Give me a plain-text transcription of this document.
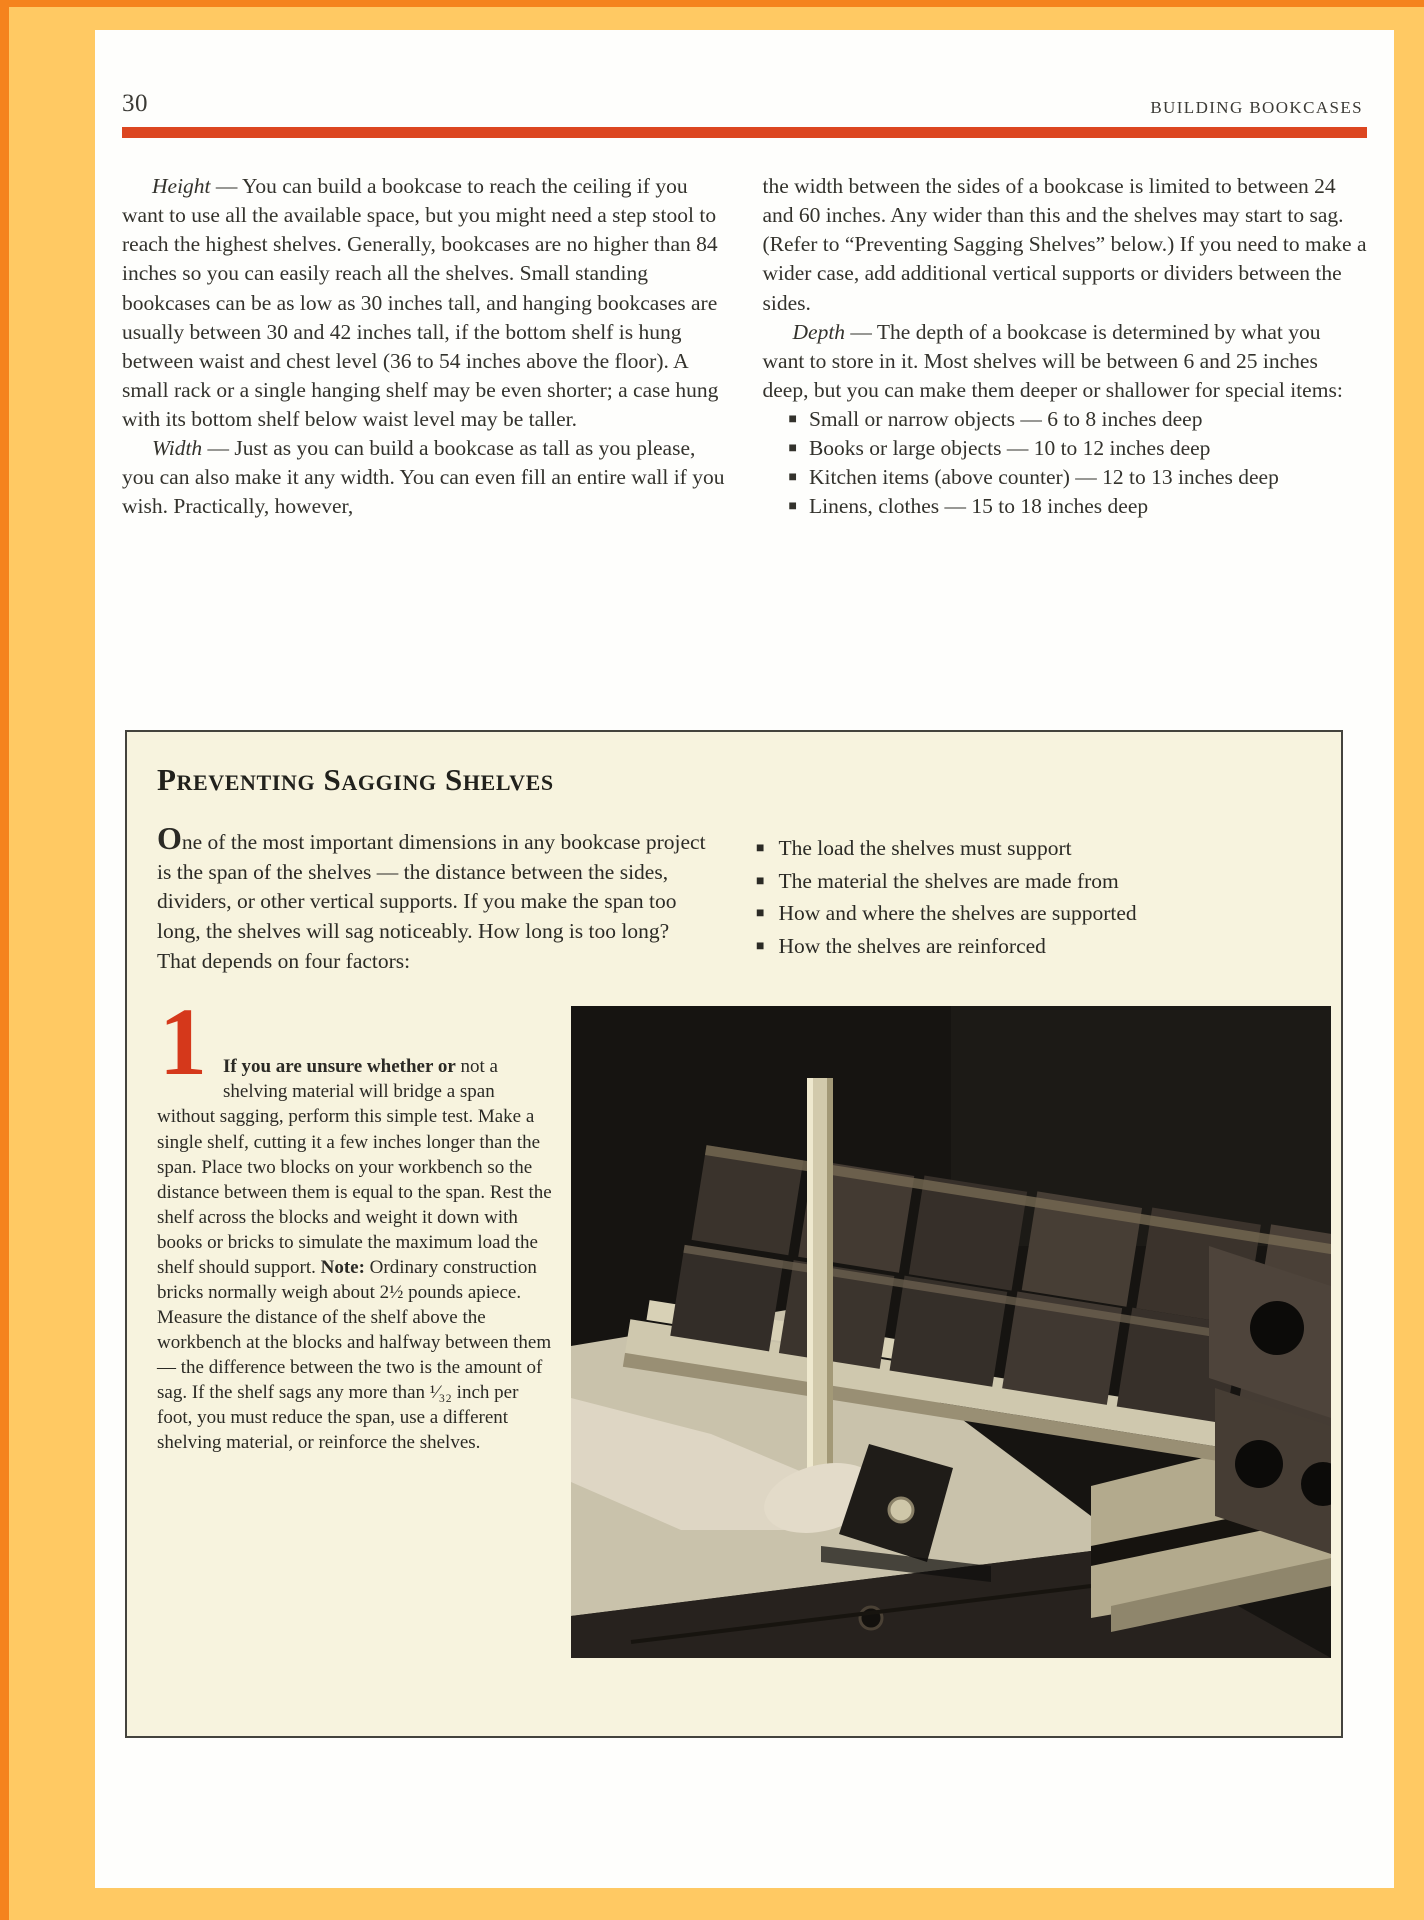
30	BUILDING BOOKCASES

Height — You can build a bookcase to reach the ceiling if you want to use all the available space, but you might need a step stool to reach the highest shelves. Generally, bookcases are no higher than 84 inches so you can easily reach all the shelves. Small standing bookcases can be as low as 30 inches tall, and hanging bookcases are usually between 30 and 42 inches tall, if the bottom shelf is hung between waist and chest level (36 to 54 inches above the floor). A small rack or a single hanging shelf may be even shorter; a case hung with its bottom shelf below waist level may be taller.

Width — Just as you can build a bookcase as tall as you please, you can also make it any width. You can even fill an entire wall if you wish. Practically, however,

the width between the sides of a bookcase is limited to between 24 and 60 inches. Any wider than this and the shelves may start to sag. (Refer to “Preventing Sagging Shelves” below.) If you need to make a wider case, add additional vertical supports or dividers between the sides.

Depth — The depth of a bookcase is determined by what you want to store in it. Most shelves will be between 6 and 25 inches deep, but you can make them deeper or shallower for special items:

■ Small or narrow objects — 6 to 8 inches deep

■ Books or large objects — 10 to 12 inches deep

■ Kitchen items (above counter) — 12 to 13 inches deep

■ Linens, clothes — 15 to 18 inches deep

Preventing Sagging Shelves

One of the most important dimensions in any bookcase project is the span of the shelves — the distance between the sides, dividers, or other vertical supports. If you make the span too long, the shelves will sag noticeably. How long is too long? That depends on four factors:

■ The load the shelves must support

■ The material the shelves are made from

■ How and where the shelves are supported

■ How the shelves are reinforced

1 If you are unsure whether or not a shelving material will bridge a span without sagging, perform this simple test. Make a single shelf, cutting it a few inches longer than the span. Place two blocks on your workbench so the distance between them is equal to the span. Rest the shelf across the blocks and weight it down with books or bricks to simulate the maximum load the shelf should support. Note: Ordinary construction bricks normally weigh about 2½ pounds apiece. Measure the distance of the shelf above the workbench at the blocks and halfway between them — the difference between the two is the amount of sag. If the shelf sags any more than ¹⁄₃₂ inch per foot, you must reduce the span, use a different shelving material, or reinforce the shelves.
